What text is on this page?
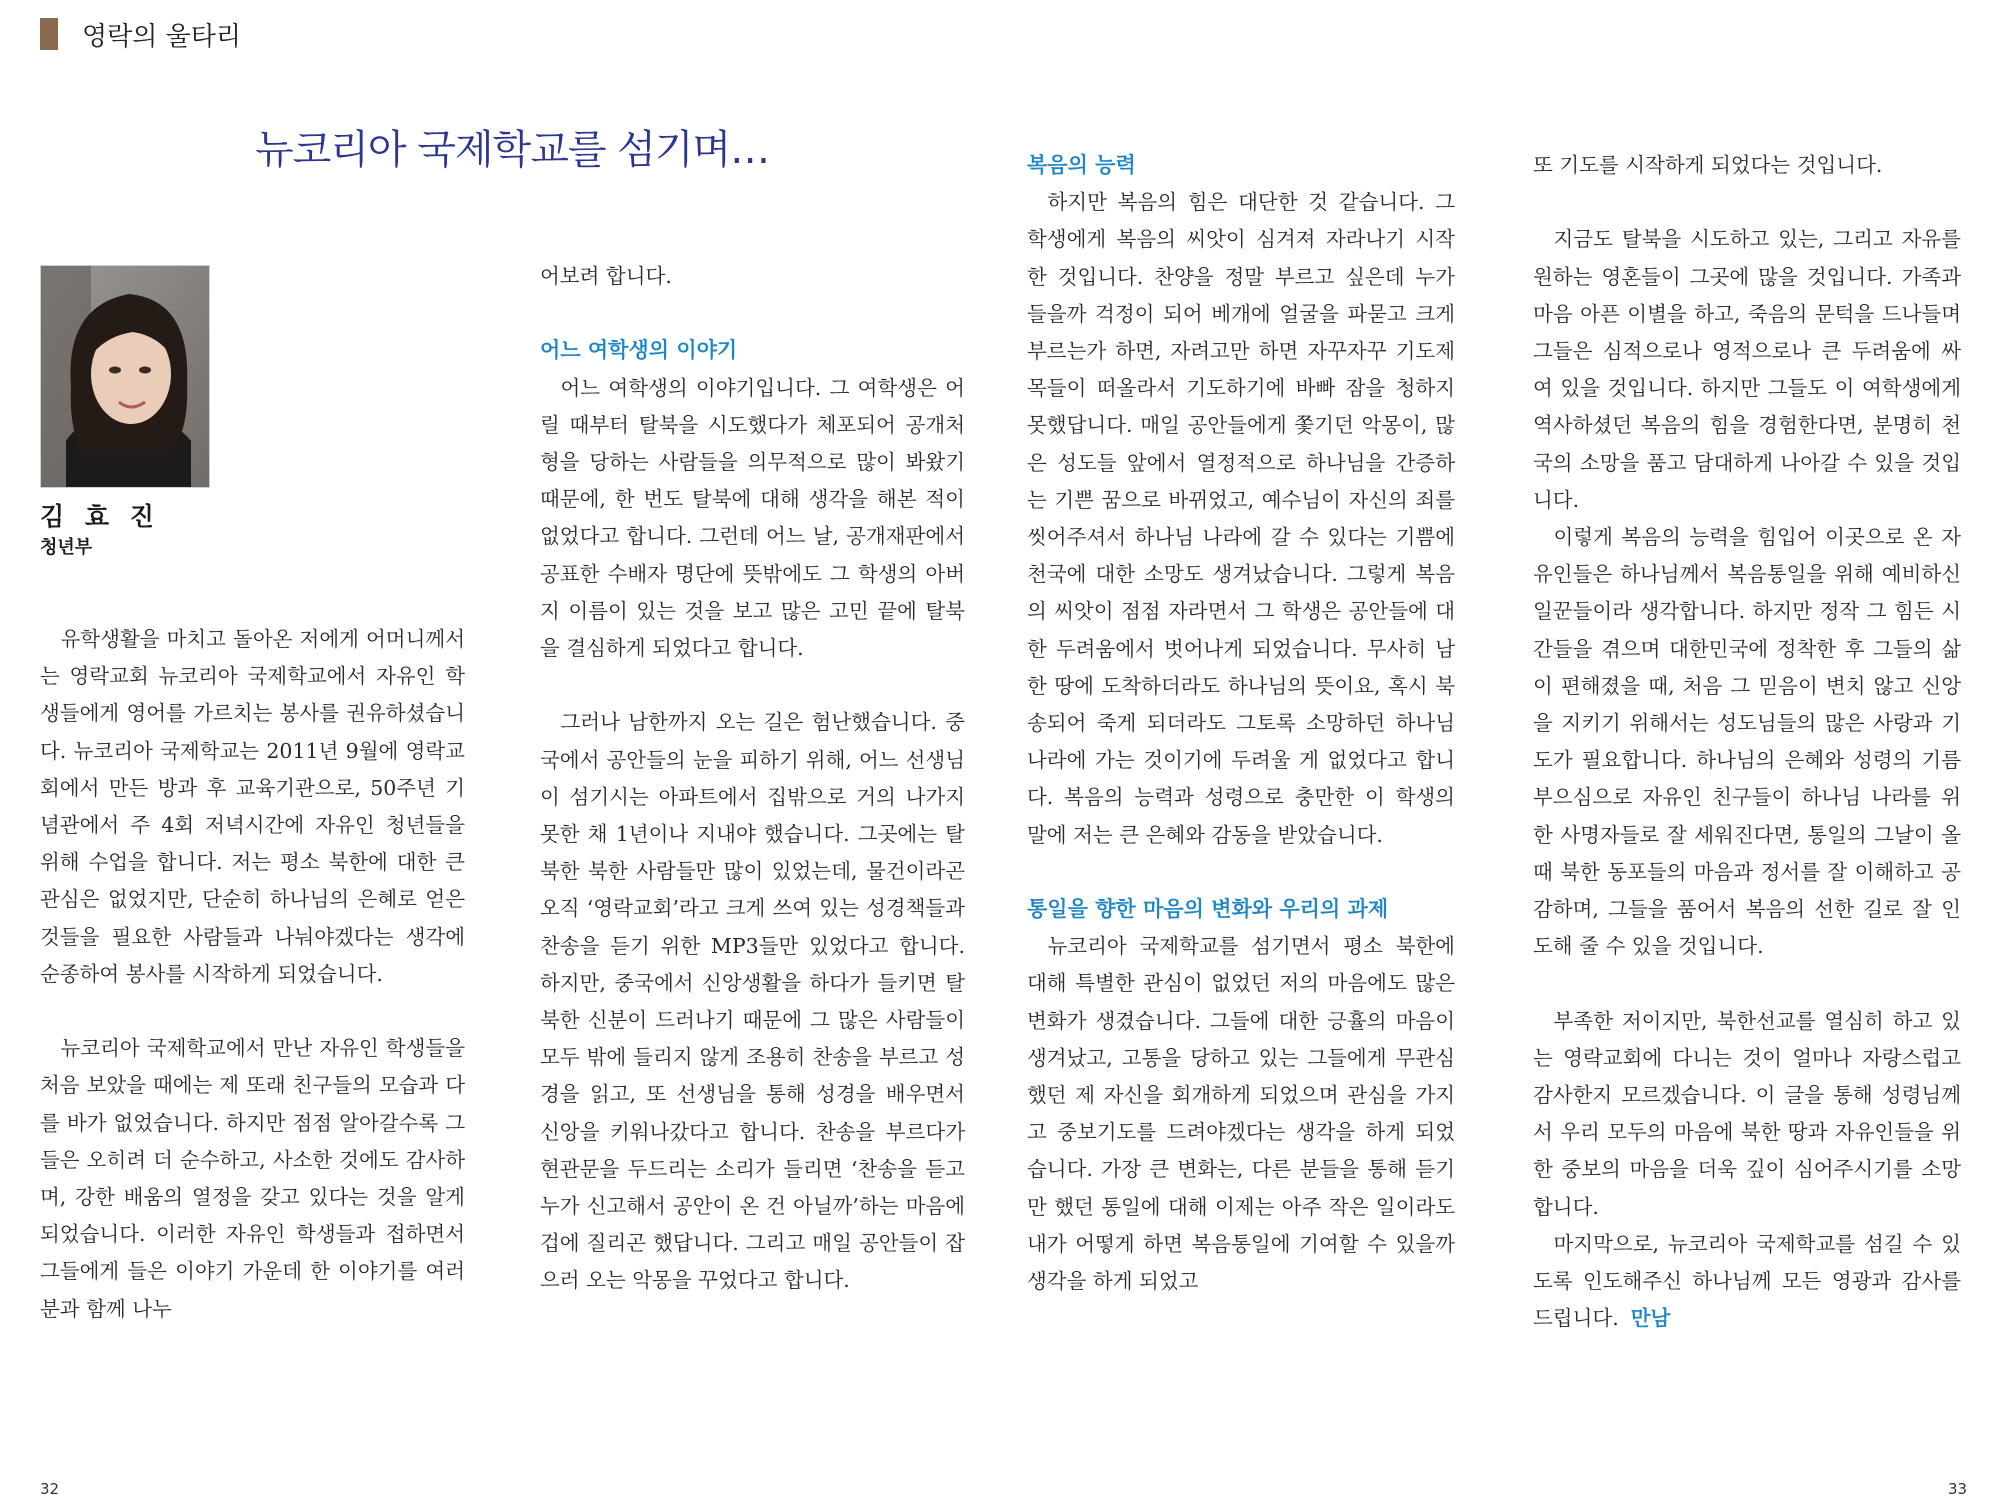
영락의 울타리
뉴코리아 국제학교를 섬기며…
김 효 진
청년부

유학생활을 마치고 돌아온 저에게 어머니께서는 영락교회 뉴코리아 국제학교에서 자유인 학생들에게 영어를 가르치는 봉사를 권유하셨습니다. 뉴코리아 국제학교는 2011년 9월에 영락교회에서 만든 방과 후 교육기관으로, 50주년 기념관에서 주 4회 저녁시간에 자유인 청년들을 위해 수업을 합니다. 저는 평소 북한에 대한 큰 관심은 없었지만, 단순히 하나님의 은혜로 얻은 것들을 필요한 사람들과 나눠야겠다는 생각에 순종하여 봉사를 시작하게 되었습니다.

뉴코리아 국제학교에서 만난 자유인 학생들을 처음 보았을 때에는 제 또래 친구들의 모습과 다를 바가 없었습니다. 하지만 점점 알아갈수록 그들은 오히려 더 순수하고, 사소한 것에도 감사하며, 강한 배움의 열정을 갖고 있다는 것을 알게 되었습니다. 이러한 자유인 학생들과 접하면서 그들에게 들은 이야기 가운데 한 이야기를 여러분과 함께 나누

어보려 합니다.

어느 여학생의 이야기

어느 여학생의 이야기입니다. 그 여학생은 어릴 때부터 탈북을 시도했다가 체포되어 공개처형을 당하는 사람들을 의무적으로 많이 봐왔기 때문에, 한 번도 탈북에 대해 생각을 해본 적이 없었다고 합니다. 그런데 어느 날, 공개재판에서 공표한 수배자 명단에 뜻밖에도 그 학생의 아버지 이름이 있는 것을 보고 많은 고민 끝에 탈북을 결심하게 되었다고 합니다.

그러나 남한까지 오는 길은 험난했습니다. 중국에서 공안들의 눈을 피하기 위해, 어느 선생님이 섬기시는 아파트에서 집밖으로 거의 나가지 못한 채 1년이나 지내야 했습니다. 그곳에는 탈북한 북한 사람들만 많이 있었는데, 물건이라곤 오직 ‘영락교회’라고 크게 쓰여 있는 성경책들과 찬송을 듣기 위한 MP3들만 있었다고 합니다. 하지만, 중국에서 신앙생활을 하다가 들키면 탈북한 신분이 드러나기 때문에 그 많은 사람들이 모두 밖에 들리지 않게 조용히 찬송을 부르고 성경을 읽고, 또 선생님을 통해 성경을 배우면서 신앙을 키워나갔다고 합니다. 찬송을 부르다가 현관문을 두드리는 소리가 들리면 ‘찬송을 듣고 누가 신고해서 공안이 온 건 아닐까’하는 마음에 겁에 질리곤 했답니다. 그리고 매일 공안들이 잡으러 오는 악몽을 꾸었다고 합니다.

복음의 능력

하지만 복음의 힘은 대단한 것 같습니다. 그 학생에게 복음의 씨앗이 심겨져 자라나기 시작한 것입니다. 찬양을 정말 부르고 싶은데 누가 들을까 걱정이 되어 베개에 얼굴을 파묻고 크게 부르는가 하면, 자려고만 하면 자꾸자꾸 기도제목들이 떠올라서 기도하기에 바빠 잠을 청하지 못했답니다. 매일 공안들에게 쫓기던 악몽이, 많은 성도들 앞에서 열정적으로 하나님을 간증하는 기쁜 꿈으로 바뀌었고, 예수님이 자신의 죄를 씻어주셔서 하나님 나라에 갈 수 있다는 기쁨에 천국에 대한 소망도 생겨났습니다. 그렇게 복음의 씨앗이 점점 자라면서 그 학생은 공안들에 대한 두려움에서 벗어나게 되었습니다. 무사히 남한 땅에 도착하더라도 하나님의 뜻이요, 혹시 북송되어 죽게 되더라도 그토록 소망하던 하나님 나라에 가는 것이기에 두려울 게 없었다고 합니다. 복음의 능력과 성령으로 충만한 이 학생의 말에 저는 큰 은혜와 감동을 받았습니다.

통일을 향한 마음의 변화와 우리의 과제

뉴코리아 국제학교를 섬기면서 평소 북한에 대해 특별한 관심이 없었던 저의 마음에도 많은 변화가 생겼습니다. 그들에 대한 긍휼의 마음이 생겨났고, 고통을 당하고 있는 그들에게 무관심했던 제 자신을 회개하게 되었으며 관심을 가지고 중보기도를 드려야겠다는 생각을 하게 되었습니다. 가장 큰 변화는, 다른 분들을 통해 듣기만 했던 통일에 대해 이제는 아주 작은 일이라도 내가 어떻게 하면 복음통일에 기여할 수 있을까 생각을 하게 되었고

또 기도를 시작하게 되었다는 것입니다.

지금도 탈북을 시도하고 있는, 그리고 자유를 원하는 영혼들이 그곳에 많을 것입니다. 가족과 마음 아픈 이별을 하고, 죽음의 문턱을 드나들며 그들은 심적으로나 영적으로나 큰 두려움에 싸여 있을 것입니다. 하지만 그들도 이 여학생에게 역사하셨던 복음의 힘을 경험한다면, 분명히 천국의 소망을 품고 담대하게 나아갈 수 있을 것입니다.

이렇게 복음의 능력을 힘입어 이곳으로 온 자유인들은 하나님께서 복음통일을 위해 예비하신 일꾼들이라 생각합니다. 하지만 정작 그 힘든 시간들을 겪으며 대한민국에 정착한 후 그들의 삶이 편해졌을 때, 처음 그 믿음이 변치 않고 신앙을 지키기 위해서는 성도님들의 많은 사랑과 기도가 필요합니다. 하나님의 은혜와 성령의 기름 부으심으로 자유인 친구들이 하나님 나라를 위한 사명자들로 잘 세워진다면, 통일의 그날이 올 때 북한 동포들의 마음과 정서를 잘 이해하고 공감하며, 그들을 품어서 복음의 선한 길로 잘 인도해 줄 수 있을 것입니다.

부족한 저이지만, 북한선교를 열심히 하고 있는 영락교회에 다니는 것이 얼마나 자랑스럽고 감사한지 모르겠습니다. 이 글을 통해 성령님께서 우리 모두의 마음에 북한 땅과 자유인들을 위한 중보의 마음을 더욱 깊이 심어주시기를 소망합니다.

마지막으로, 뉴코리아 국제학교를 섬길 수 있도록 인도해주신 하나님께 모든 영광과 감사를 드립니다. 만남

32	33
